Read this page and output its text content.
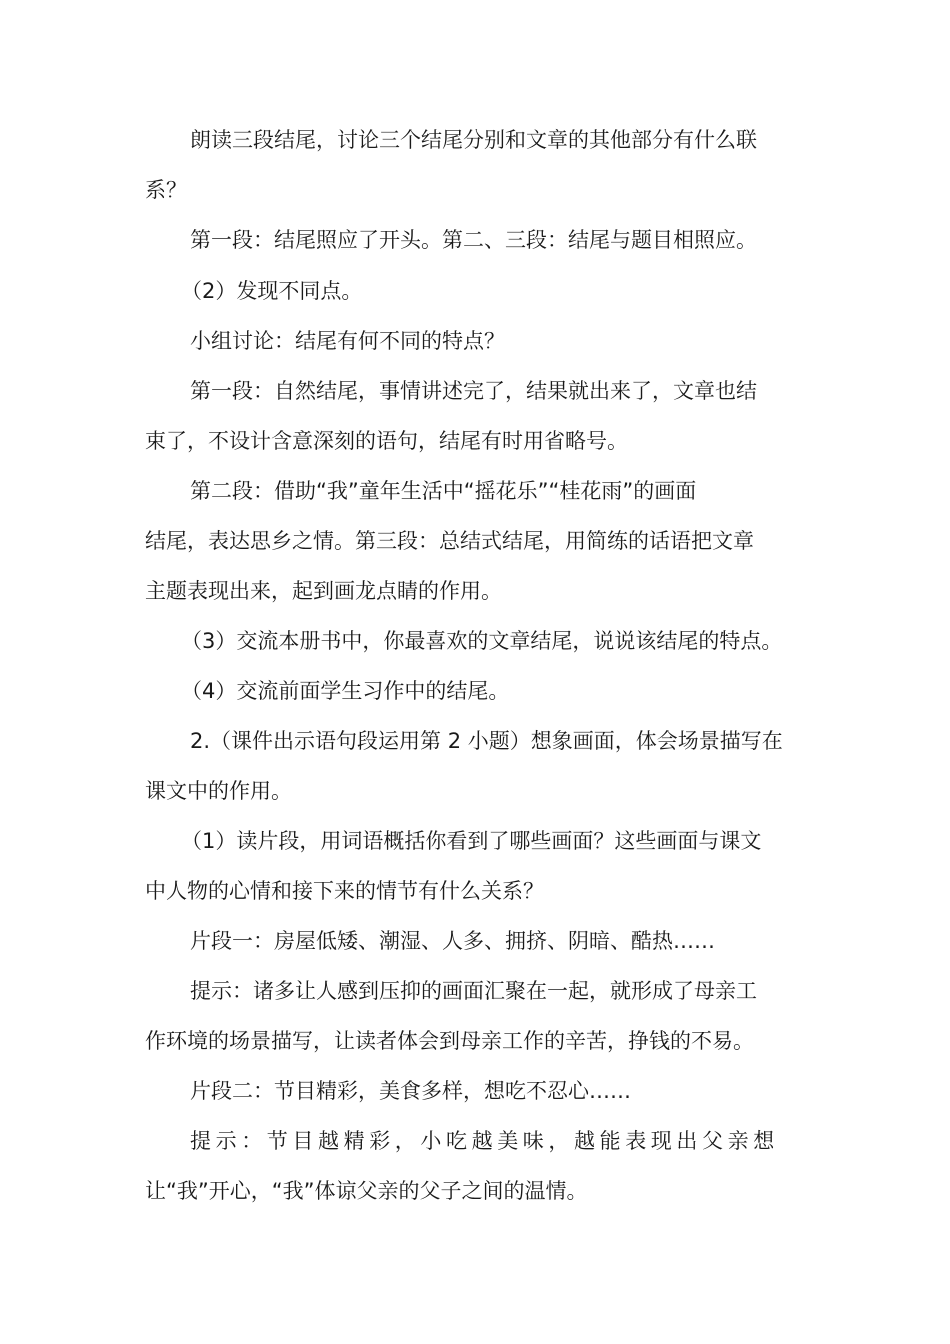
朗读三段结尾，讨论三个结尾分别和文章的其他部分有什么联
系？
第一段：结尾照应了开头。第二、三段：结尾与题目相照应。
（2）发现不同点。
小组讨论：结尾有何不同的特点？
第一段：自然结尾，事情讲述完了，结果就出来了，文章也结
束了，不设计含意深刻的语句，结尾有时用省略号。
第二段：借助“我”童年生活中“摇花乐”“桂花雨”的画面
结尾，表达思乡之情。第三段：总结式结尾，用简练的话语把文章
主题表现出来，起到画龙点睛的作用。
（3）交流本册书中，你最喜欢的文章结尾，说说该结尾的特点。
（4）交流前面学生习作中的结尾。
2.（课件出示语句段运用第 2 小题）想象画面，体会场景描写在
课文中的作用。
（1）读片段，用词语概括你看到了哪些画面？这些画面与课文
中人物的心情和接下来的情节有什么关系？
片段一：房屋低矮、潮湿、人多、拥挤、阴暗、酷热……
提示：诸多让人感到压抑的画面汇聚在一起，就形成了母亲工
作环境的场景描写，让读者体会到母亲工作的辛苦，挣钱的不易。
片段二：节目精彩，美食多样，想吃不忍心……
提示：节目越精彩，小吃越美味，越能表现出父亲想
让“我”开心，“我”体谅父亲的父子之间的温情。
